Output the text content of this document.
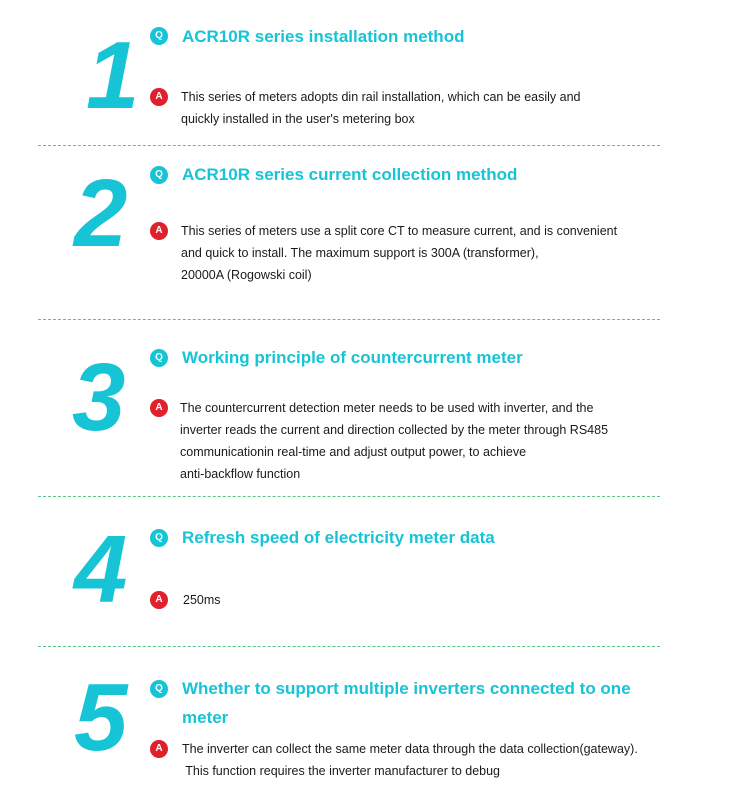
1	Q	ACR10R series installation method
A	This series of meters adopts din rail installation, which can be easily and
quickly installed in the user's metering box
2	Q	ACR10R series current collection method
A	This series of meters use a split core CT to measure current, and is convenient
and quick to install. The maximum support is 300A (transformer),
20000A (Rogowski coil)
3	Q	Working principle of countercurrent meter
A	The countercurrent detection meter needs to be used with inverter, and the
inverter reads the current and direction collected by the meter through RS485
communicationin real-time and adjust output power, to achieve
anti-backflow function
4	Q	Refresh speed of electricity meter data
A	250ms
5	Q	Whether to support multiple inverters connected to one
meter
A	The inverter can collect the same meter data through the data collection(gateway).
This function requires the inverter manufacturer to debug
